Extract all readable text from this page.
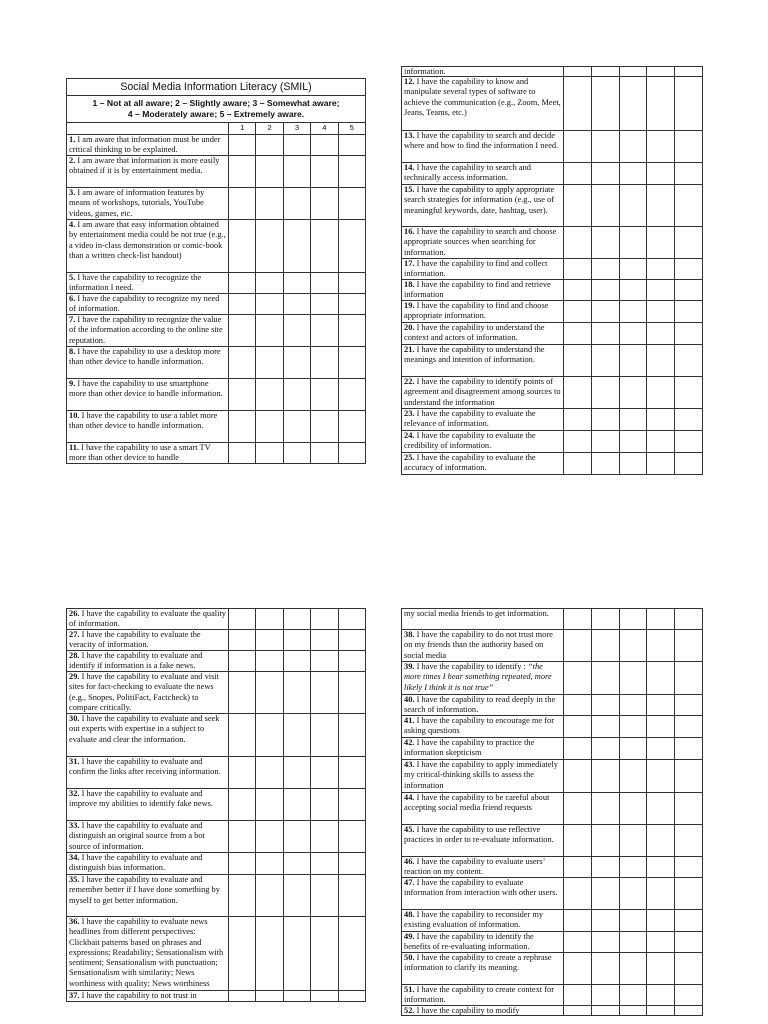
Social Media Information Literacy (SMIL)					

1 – Not at all aware; 2 – Slightly aware; 3 – Somewhat aware;
4 – Moderately aware; 5 – Extremely aware.					

	1	2	3	4	5

1. I am aware that information must be under critical thinking to be explained.					

2. I am aware that information is more easily obtained if it is by entertainment media.					

3. I am aware of information features by means of workshops, tutorials, YouTube videos, games, etc.					

4. I am aware that easy information obtained by entertainment media could be not true (e.g., a video in-class demonstration or comic-book than a written check-list handout)					

5. I have the capability to recognize the information I need.					

6. I have the capability to recognize my need of information.					

7. I have the capability to recognize the value of the information according to the online site reputation.					

8. I have the capability to use a desktop more than other device to handle information.					

9. I have the capability to use smartphone more than other device to handle information.					

10. I have the capability to use a tablet more than other device to handle information.					

11. I have the capability to use a smart TV more than other device to handle					

information.					

12. I have the capability to know and manipulate several types of software to achieve the communication (e.g., Zoom, Meet, Jeans, Teams, etc.)					

13. I have the capability to search and decide where and how to find the information I need.					

14. I have the capability to search and technically access information.					

15. I have the capability to apply appropriate search strategies for information (e.g., use of meaningful keywords, date, hashtag, user).					

16. I have the capability to search and choose appropriate sources when searching for information.					

17. I have the capability to find and collect information.					

18. I have the capability to find and retrieve information					

19. I have the capability to find and choose appropriate information.					

20. I have the capability to understand the context and actors of information.					

21. I have the capability to understand the meanings and intention of information.					

22. I have the capability to identify points of agreement and disagreement among sources to understand the information					

23. I have the capability to evaluate the relevance of information.					

24. I have the capability to evaluate the credibility of information.					

25. I have the capability to evaluate the accuracy of information.					

26. I have the capability to evaluate the quality of information.					

27. I have the capability to evaluate the veracity of information.					

28. I have the capability to evaluate and identify if information is a fake news.					

29. I have the capability to evaluate and visit sites for fact-checking to evaluate the news (e.g., Snopes, PolitiFact, Factcheck) to compare critically.					

30. I have the capability to evaluate and seek out experts with expertise in a subject to evaluate and clear the information.					

31. I have the capability to evaluate and confirm the links after receiving information.					

32. I have the capability to evaluate and improve my abilities to identify fake news.					

33. I have the capability to evaluate and distinguish an original source from a bot source of information.					

34. I have the capability to evaluate and distinguish bias information.					

35. I have the capability to evaluate and remember better if I have done something by myself to get better information.					

36. I have the capability to evaluate news headlines from different perspectives: Clickbait patterns based on phrases and expressions; Readability; Sensationalism with sentiment; Sensationalism with punctuation; Sensationalism with similarity; News worthiness with quality; News worthiness					

37. I have the capability to not trust in					

my social media friends to get information.					

38. I have the capability to do not trust more on my friends than the authority based on social media					

39. I have the capability to identify : “the more times I hear something repeated, more likely I think it is not true”					

40. I have the capability to read deeply in the search of information.					

41. I have the capability to encourage me for asking questions					

42. I have the capability to practice the information skepticism					

43. I have the capability to apply immediately my critical-thinking skills to assess the information					

44. I have the capability to be careful about accepting social media friend requests					

45. I have the capability to use reflective practices in order to re-evaluate information.					

46. I have the capability to evaluate users’ reaction on my content.					

47. I have the capability to evaluate information from interaction with other users.					

48. I have the capability to reconsider my existing evaluation of information.					

49. I have the capability to identify the benefits of re-evaluating information.					

50. I have the capability to create a rephrase information to clarify its meaning.					

51. I have the capability to create context for information.					

52. I have the capability to modify					
